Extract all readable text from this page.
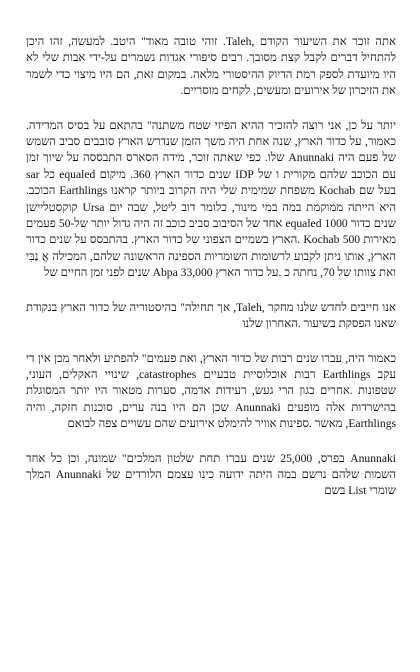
אתה זוכר את השיעור הקודם ,Taleh. זוהי טובה מאוד" היטב. למעשה, זהו היכן להתחיל דברים לקבל קצת מסובך. רבים סיפורי אגדות נשמרים על-ידי אבות שלי לא היו מיועדת לספק רמת הדיוק ההיסטורי מלאה. במקום זאת, הם היו מיצוי כדי לשמר את הזיכרון של אירועים ומעשים, לקחים מוסריים.

יותר על כן, אני רוצה להזכיר ההיא הפיזי שטח משתנה" בהתאם על בסיס המדידה. כאמור, על כדור הארץ, שנה אחת היה משך הזמן שנדרש הארץ סובבים סביב השמש של פעם היה Anunnaki שלו. כפי שאתה זוכר, מידה הסארס התבססה על שיוך זמן עם הכוכב שלהם מקורית ו של IDP שנים כדור הארץ 360. מיקום equaled כל sar בעל שם Kochab משפחת שמימית שלי היה הקרוב ביותר קראנו Earthlings הכוכב. היא הייתה ממוקמת במה במי מינור, כלומר דוב ליטל, שבה יום Ursa קוקסטליישן שנים כדור equaled 1000 אחד של הסיבוב סביב כוכב זה היה גדול יותר של-50 פעמים מאירות Kochab 500 .הארץ בשמיים הצפוני של כדור הארץ. בהתבסס על שנים כדור הארץ, אותו ניתן לקבוע לרשומות השומריות הספינה הראשונה שלהם, המכילה אֲ נַבִּי ואת צוותו של 70, נחתה כ .על כדור הארץ Abpa 33,000 שנים לפני זמן החיים של

אנו חייבים לחדש שלנו מחקר ,Taleh, אך תחילה" בהיסטוריה של כדור הארץ בנקודת שאנו הפסקת בשיעור .האחרון שלנו

כאמור היה, עברו שנים רבות של כדור הארץ, ואת פעמים" להפתיע ולאחר מכן אין די עקב Earthlings רבות אוכלוסיית טבעיים catastrophes, שינויי האקלים, העוני, שטפונות .אחרים כגון הרי געש, רעידות אדמה, סערות מטאור היו יותר המסוגלת בהישרדות אלה מופעים Anunnaki שכן הם היו בנה ערים, סוכנות חזקה, והיה Earthlings, מאשר .ספינות אוויר להימלט אירועים שהם עשויים צפה לבואם

Anunnaki בפרס, 25,000 שנים עברו תחת שלטון המלכים" שמונה, וכן כל אחד השמות שלהם נרשם במה היתה ידועה כינו עצמם הלורדים של Anunnaki המלך שומרי List בשם
